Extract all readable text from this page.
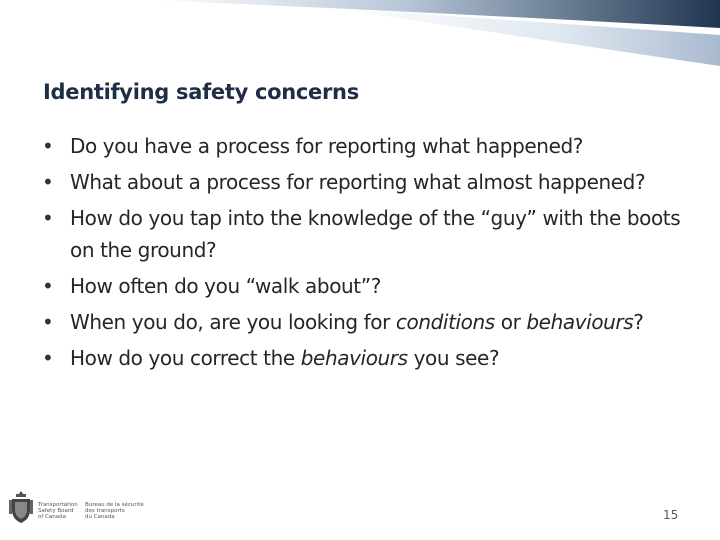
Identifying safety concerns
• Do you have a process for reporting what happened?
• What about a process for reporting what almost happened?
• How do you tap into the knowledge of the “guy” with the boots on the ground?
• How often do you “walk about”?
• When you do, are you looking for conditions or behaviours?
• How do you correct the behaviours you see?
Transportation
Safety Board
of Canada
Bureau de la sécurité
des transports
du Canada	15
